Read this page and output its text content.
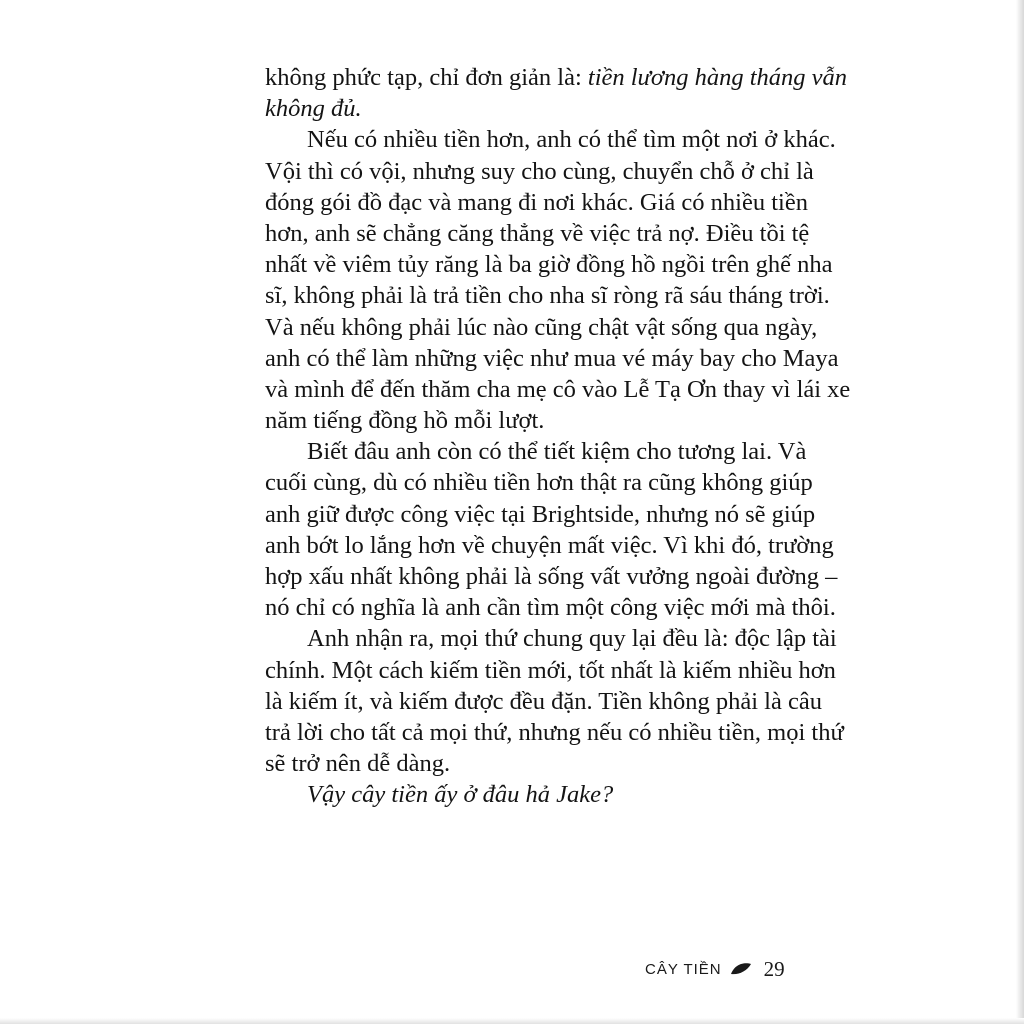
không phức tạp, chỉ đơn giản là: tiền lương hàng tháng vẫn
không đủ.
Nếu có nhiều tiền hơn, anh có thể tìm một nơi ở khác.
Vội thì có vội, nhưng suy cho cùng, chuyển chỗ ở chỉ là
đóng gói đồ đạc và mang đi nơi khác. Giá có nhiều tiền
hơn, anh sẽ chẳng căng thẳng về việc trả nợ. Điều tồi tệ
nhất về viêm tủy răng là ba giờ đồng hồ ngồi trên ghế nha
sĩ, không phải là trả tiền cho nha sĩ ròng rã sáu tháng trời.
Và nếu không phải lúc nào cũng chật vật sống qua ngày,
anh có thể làm những việc như mua vé máy bay cho Maya
và mình để đến thăm cha mẹ cô vào Lễ Tạ Ơn thay vì lái xe
năm tiếng đồng hồ mỗi lượt.
Biết đâu anh còn có thể tiết kiệm cho tương lai. Và
cuối cùng, dù có nhiều tiền hơn thật ra cũng không giúp
anh giữ được công việc tại Brightside, nhưng nó sẽ giúp
anh bớt lo lắng hơn về chuyện mất việc. Vì khi đó, trường
hợp xấu nhất không phải là sống vất vưởng ngoài đường –
nó chỉ có nghĩa là anh cần tìm một công việc mới mà thôi.
Anh nhận ra, mọi thứ chung quy lại đều là: độc lập tài
chính. Một cách kiếm tiền mới, tốt nhất là kiếm nhiều hơn
là kiếm ít, và kiếm được đều đặn. Tiền không phải là câu
trả lời cho tất cả mọi thứ, nhưng nếu có nhiều tiền, mọi thứ
sẽ trở nên dễ dàng.
Vậy cây tiền ấy ở đâu hả Jake?
CÂY TIỀN 29
